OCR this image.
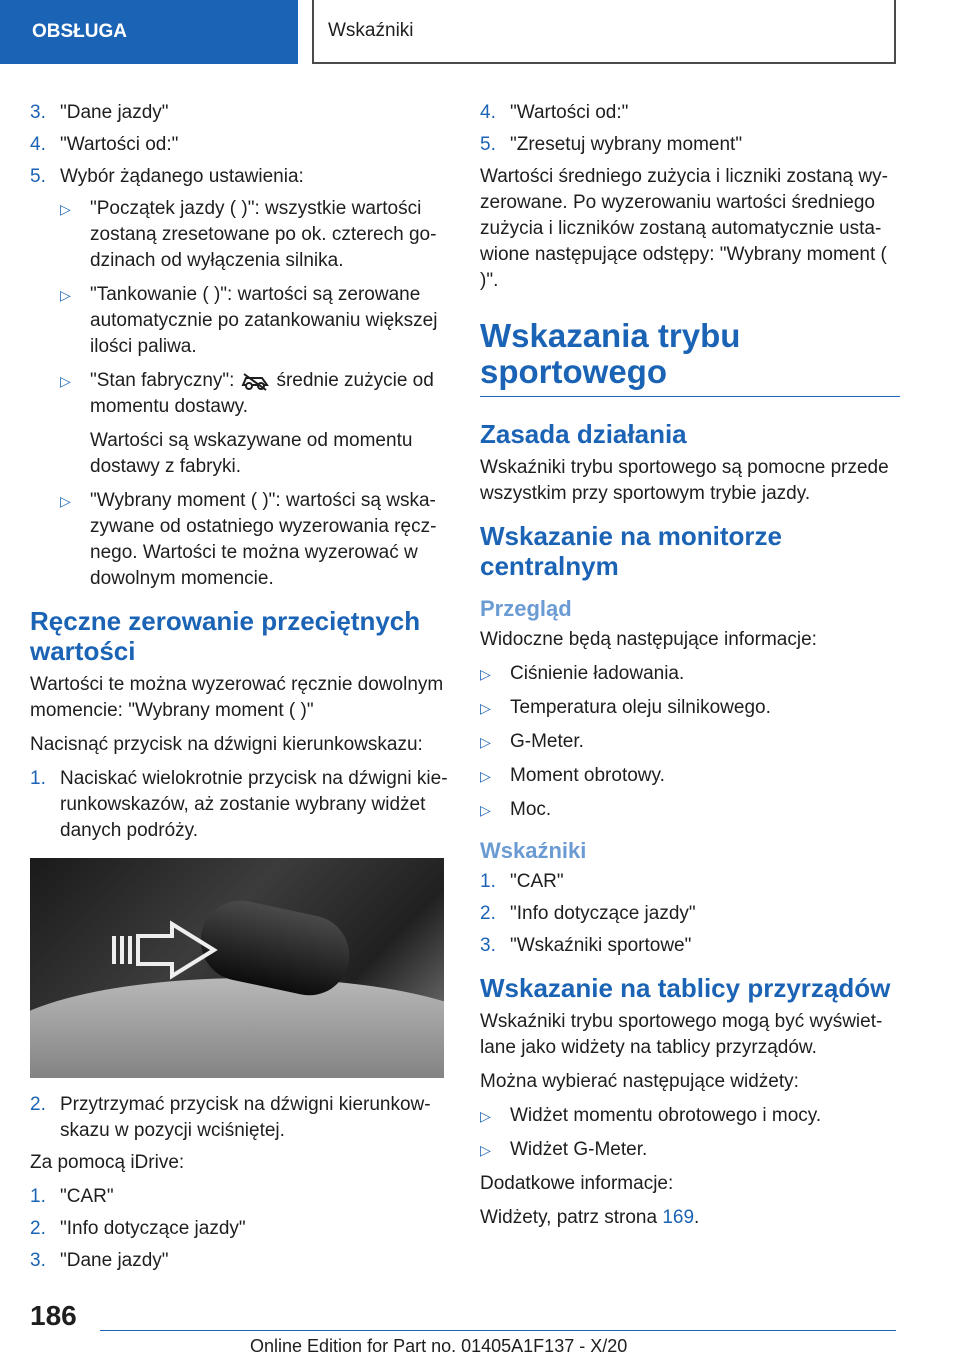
OBSŁUGA	Wskaźniki
3. "Dane jazdy"
4. "Wartości od:"
5. Wybór żądanego ustawienia:
▷	"Początek jazdy ( )": wszystkie wartości zostaną zresetowane po ok. czterech go- dzinach od wyłączenia silnika.
▷	"Tankowanie ( )": wartości są zerowane automatycznie po zatankowaniu większej ilości paliwa.
▷	"Stan fabryczny": średnie zużycie od momentu dostawy.

Wartości są wskazywane od momentu dostawy z fabryki.

▷	"Wybrany moment ( )": wartości są wska- zywane od ostatniego wyzerowania ręcz- nego. Wartości te można wyzerować w dowolnym momencie.
Ręczne zerowanie przeciętnych wartości

Wartości te można wyzerować ręcznie dowolnym momencie: "Wybrany moment ( )"

Nacisnąć przycisk na dźwigni kierunkowskazu:

1. Naciskać wielokrotnie przycisk na dźwigni kie- runkowskazów, aż zostanie wybrany widżet danych podróży.
2. Przytrzymać przycisk na dźwigni kierunkow- skazu w pozycji wciśniętej.

Za pomocą iDrive:

1. "CAR"
2. "Info dotyczące jazdy"
3. "Dane jazdy"
4. "Wartości od:"
5. "Zresetuj wybrany moment"

Wartości średniego zużycia i liczniki zostaną wy- zerowane. Po wyzerowaniu wartości średniego zużycia i liczników zostaną automatycznie usta- wione następujące odstępy: "Wybrany moment ( )".

Wskazania trybu sportowego
Zasada działania

Wskaźniki trybu sportowego są pomocne przede wszystkim przy sportowym trybie jazdy.

Wskazanie na monitorze centralnym
Przegląd

Widoczne będą następujące informacje:

▷	Ciśnienie ładowania.
▷	Temperatura oleju silnikowego.
▷	G-Meter.
▷	Moment obrotowy.
▷	Moc.
Wskaźniki
1. "CAR"
2. "Info dotyczące jazdy"
3. "Wskaźniki sportowe"
Wskazanie na tablicy przyrządów

Wskaźniki trybu sportowego mogą być wyświet- lane jako widżety na tablicy przyrządów.

Można wybierać następujące widżety:

▷	Widżet momentu obrotowego i mocy.
▷	Widżet G-Meter.

Dodatkowe informacje:

Widżety, patrz strona 169.

186
Online Edition for Part no. 01405A1F137 - X/20
